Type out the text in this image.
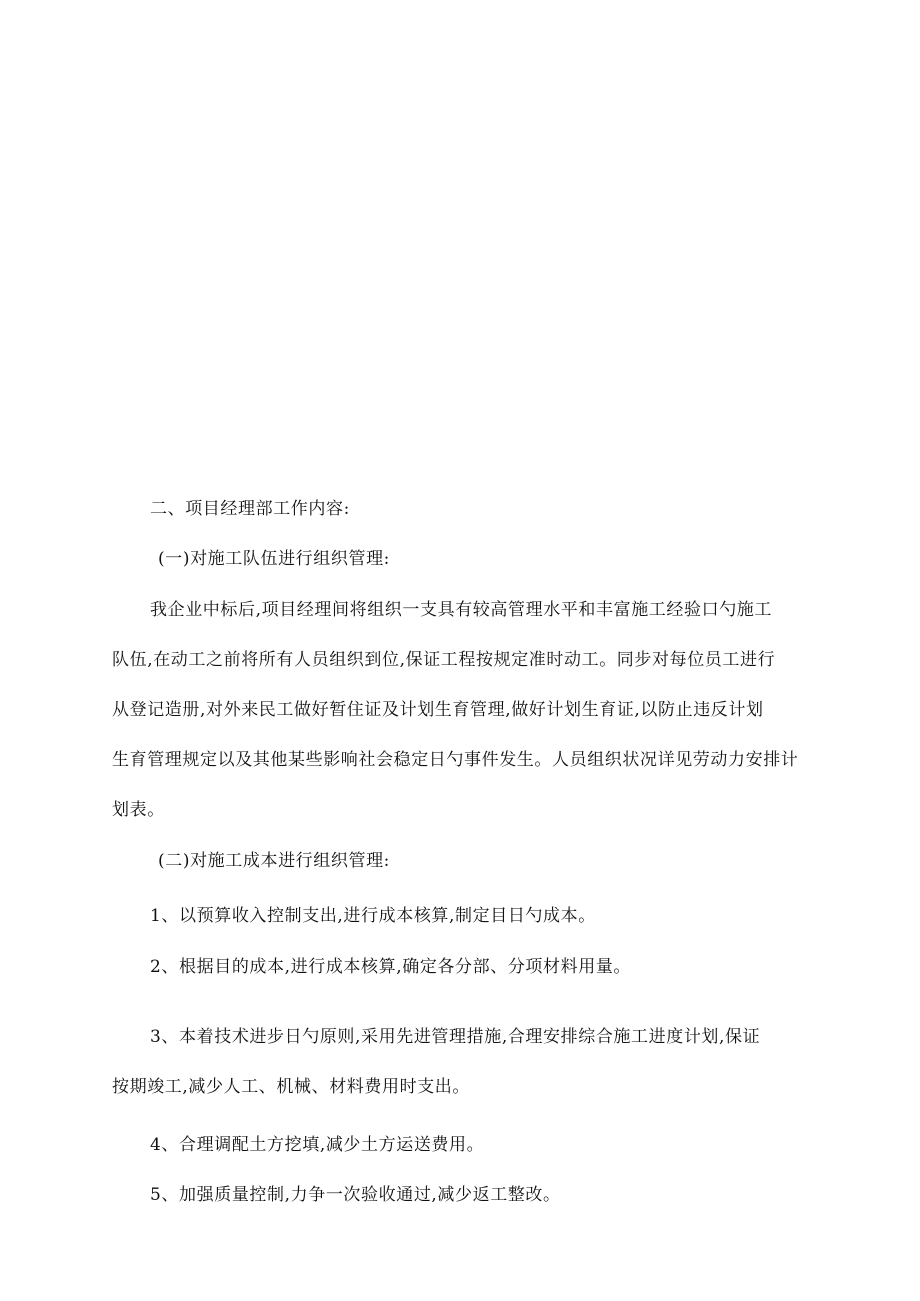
二、项目经理部工作内容:

(一)对施工队伍进行组织管理:

我企业中标后,项目经理间将组织一支具有较高管理水平和丰富施工经验口勺施工

队伍,在动工之前将所有人员组织到位,保证工程按规定准时动工。同步对每位员工进行

从登记造册,对外来民工做好暂住证及计划生育管理,做好计划生育证,以防止违反计划

生育管理规定以及其他某些影响社会稳定日勺事件发生。人员组织状况详见劳动力安排计

划表。

(二)对施工成本进行组织管理:

1、以预算收入控制支出,进行成本核算,制定目日勺成本。

2、根据目的成本,进行成本核算,确定各分部、分项材料用量。

3、本着技术进步日勺原则,采用先进管理措施,合理安排综合施工进度计划,保证

按期竣工,减少人工、机械、材料费用时支出。

4、合理调配土方挖填,减少土方运送费用。

5、加强质量控制,力争一次验收通过,减少返工整改。
